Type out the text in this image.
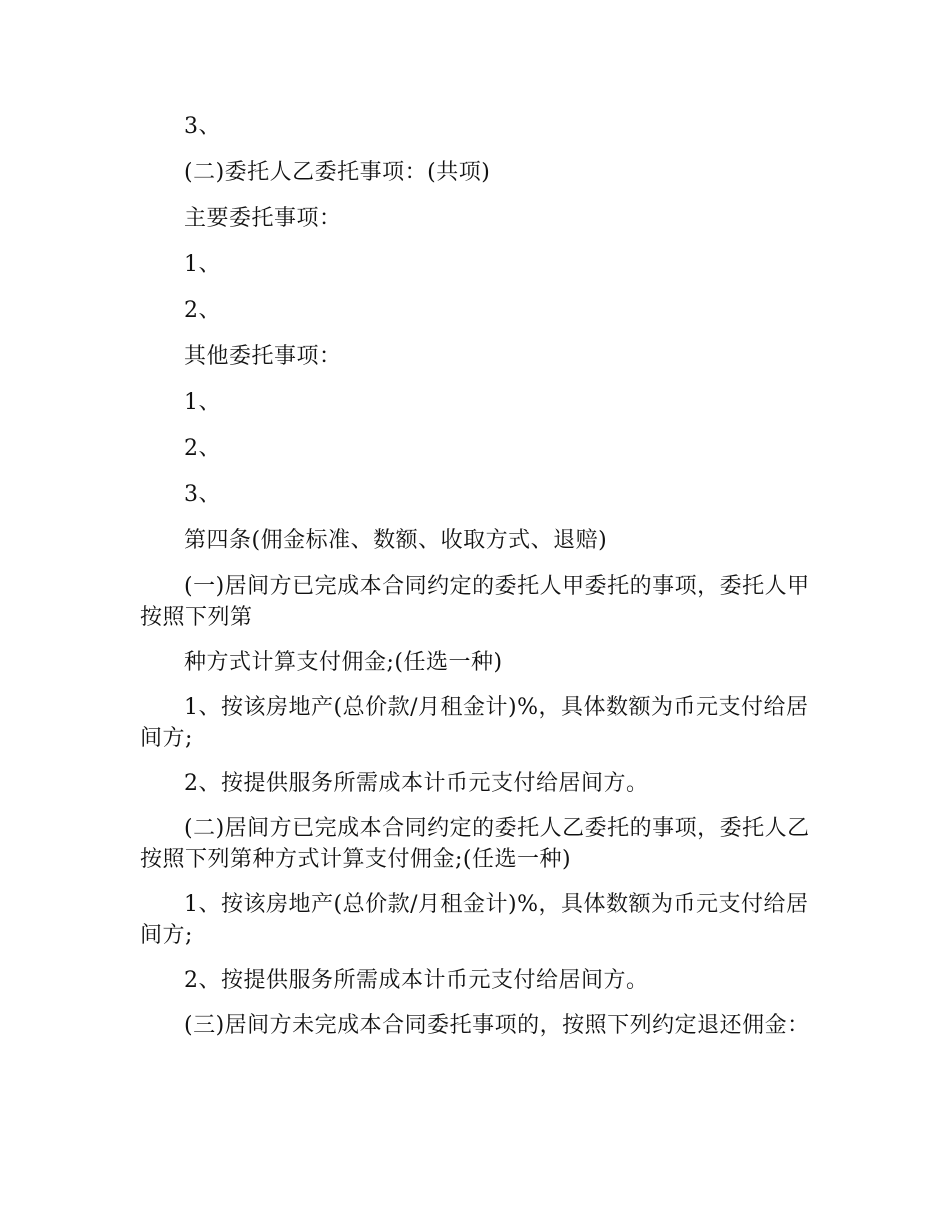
3、

(二)委托人乙委托事项：(共项)

主要委托事项：

1、

2、

其他委托事项：

1、

2、

3、

第四条(佣金标准、数额、收取方式、退赔)

(一)居间方已完成本合同约定的委托人甲委托的事项，委托人甲按照下列第

种方式计算支付佣金;(任选一种)

1、按该房地产(总价款/月租金计)%，具体数额为币元支付给居间方;

2、按提供服务所需成本计币元支付给居间方。

(二)居间方已完成本合同约定的委托人乙委托的事项，委托人乙按照下列第种方式计算支付佣金;(任选一种)

1、按该房地产(总价款/月租金计)%，具体数额为币元支付给居间方;

2、按提供服务所需成本计币元支付给居间方。

(三)居间方未完成本合同委托事项的，按照下列约定退还佣金：
